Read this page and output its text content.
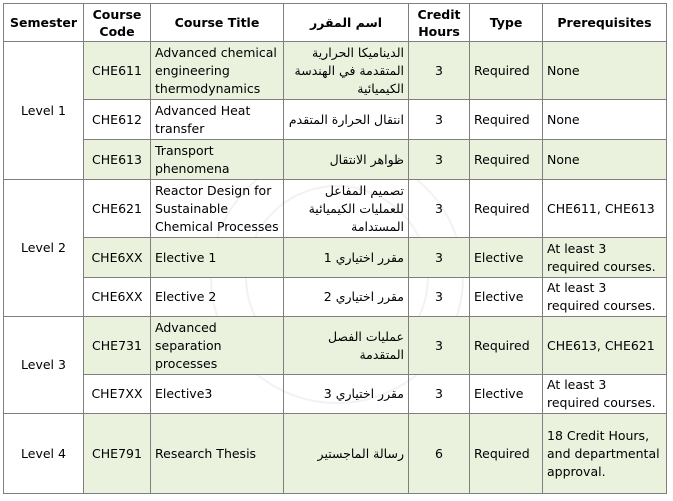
Semester	Course Code	Course Title	اسم المقرر	Credit Hours	Type	Prerequisites
Level 1	CHE611	Advanced chemical engineering thermodynamics	الديناميكا الحرارية المتقدمة في الهندسة الكيميائية	3	Required	None
	CHE612	Advanced Heat transfer	انتقال الحرارة المتقدم	3	Required	None
	CHE613	Transport phenomena	ظواهر الانتقال	3	Required	None
Level 2	CHE621	Reactor Design for Sustainable Chemical Processes	تصميم المفاعل للعمليات الكيميائية المستدامة	3	Required	CHE611, CHE613
	CHE6XX	Elective 1	مقرر اختياري 1	3	Elective	At least 3 required courses.
	CHE6XX	Elective 2	مقرر اختياري 2	3	Elective	At least 3 required courses.
Level 3	CHE731	Advanced separation processes	عمليات الفصل المتقدمة	3	Required	CHE613, CHE621
	CHE7XX	Elective3	مقرر اختياري 3	3	Elective	At least 3 required courses.
Level 4	CHE791	Research Thesis	رسالة الماجستير	6	Required	18 Credit Hours, and departmental approval.
